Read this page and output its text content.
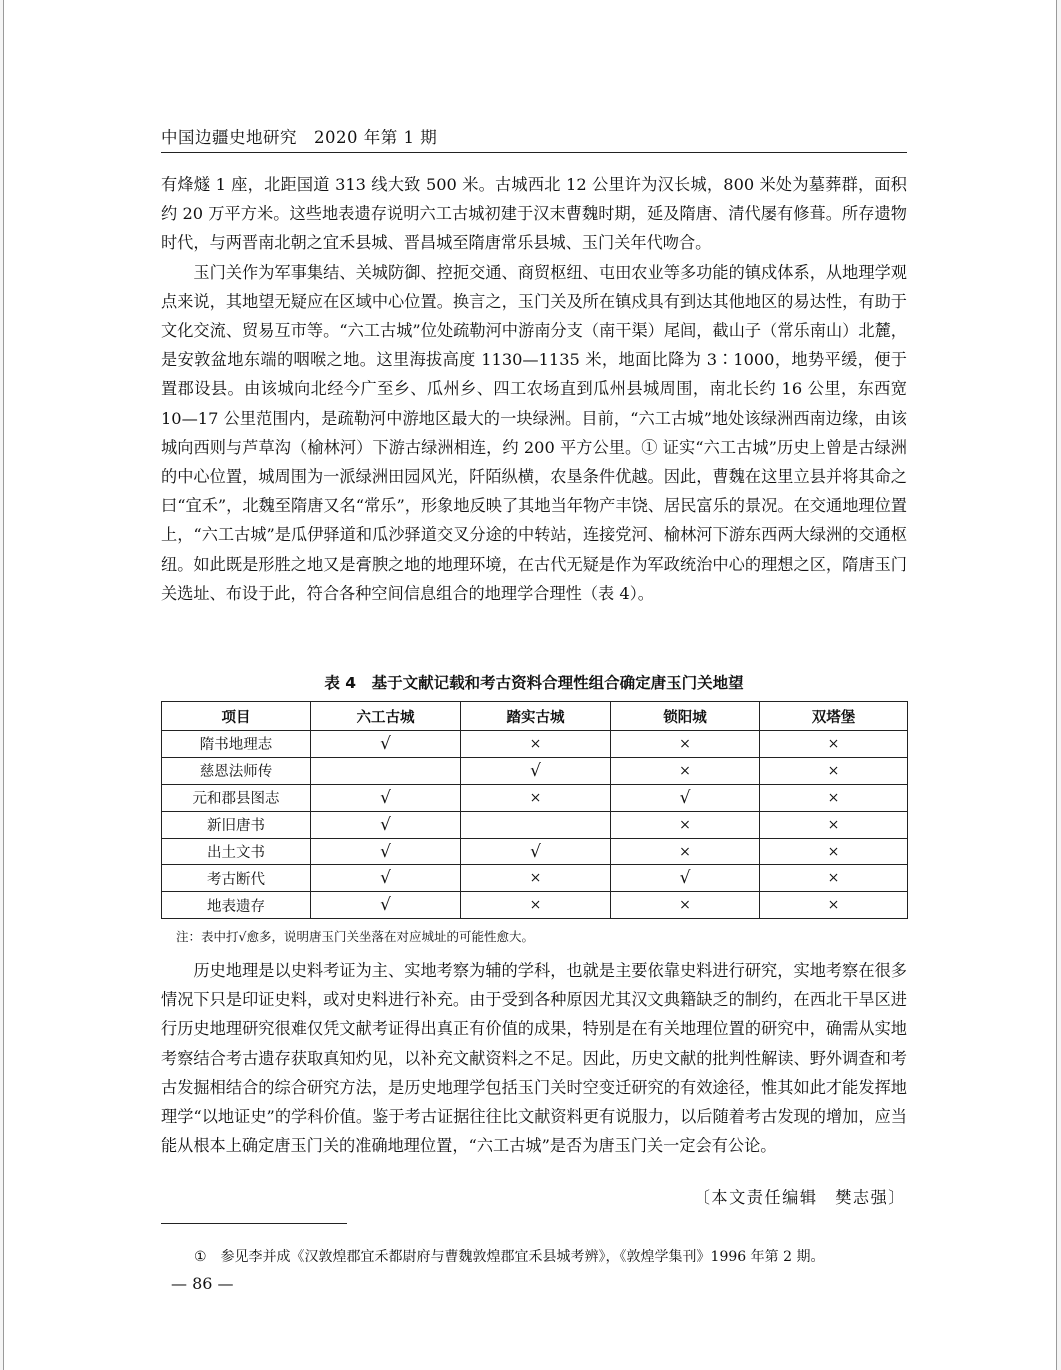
中国边疆史地研究　2020 年第 1 期

有烽燧 1 座，北距国道 313 线大致 500 米。古城西北 12 公里许为汉长城，800 米处为墓葬群，面积约 20 万平方米。这些地表遗存说明六工古城初建于汉末曹魏时期，延及隋唐、清代屡有修葺。所存遗物时代，与两晋南北朝之宜禾县城、晋昌城至隋唐常乐县城、玉门关年代吻合。

玉门关作为军事集结、关城防御、控扼交通、商贸枢纽、屯田农业等多功能的镇戍体系，从地理学观点来说，其地望无疑应在区域中心位置。换言之，玉门关及所在镇戍具有到达其他地区的易达性，有助于文化交流、贸易互市等。“六工古城”位处疏勒河中游南分支（南干渠）尾闾，截山子（常乐南山）北麓，是安敦盆地东端的咽喉之地。这里海拔高度 1130—1135 米，地面比降为 3∶1000，地势平缓，便于置郡设县。由该城向北经今广至乡、瓜州乡、四工农场直到瓜州县城周围，南北长约 16 公里，东西宽 10—17 公里范围内，是疏勒河中游地区最大的一块绿洲。目前，“六工古城”地处该绿洲西南边缘，由该城向西则与芦草沟（榆林河）下游古绿洲相连，约 200 平方公里。① 证实“六工古城”历史上曾是古绿洲的中心位置，城周围为一派绿洲田园风光，阡陌纵横，农垦条件优越。因此，曹魏在这里立县并将其命之曰“宜禾”，北魏至隋唐又名“常乐”，形象地反映了其地当年物产丰饶、居民富乐的景况。在交通地理位置上，“六工古城”是瓜伊驿道和瓜沙驿道交叉分途的中转站，连接党河、榆林河下游东西两大绿洲的交通枢纽。如此既是形胜之地又是膏腴之地的地理环境，在古代无疑是作为军政统治中心的理想之区，隋唐玉门关选址、布设于此，符合各种空间信息组合的地理学合理性（表 4）。

表 4　基于文献记载和考古资料合理性组合确定唐玉门关地望
项目	六工古城	踏实古城	锁阳城	双塔堡
隋书地理志	√	×	×	×
慈恩法师传		√	×	×
元和郡县图志	√	×	√	×
新旧唐书	√		×	×
出土文书	√	√	×	×
考古断代	√	×	√	×
地表遗存	√	×	×	×
注：表中打√愈多，说明唐玉门关坐落在对应城址的可能性愈大。

历史地理是以史料考证为主、实地考察为辅的学科，也就是主要依靠史料进行研究，实地考察在很多情况下只是印证史料，或对史料进行补充。由于受到各种原因尤其汉文典籍缺乏的制约，在西北干旱区进行历史地理研究很难仅凭文献考证得出真正有价值的成果，特别是在有关地理位置的研究中，确需从实地考察结合考古遗存获取真知灼见，以补充文献资料之不足。因此，历史文献的批判性解读、野外调查和考古发掘相结合的综合研究方法，是历史地理学包括玉门关时空变迁研究的有效途径，惟其如此才能发挥地理学“以地证史”的学科价值。鉴于考古证据往往比文献资料更有说服力，以后随着考古发现的增加，应当能从根本上确定唐玉门关的准确地理位置，“六工古城”是否为唐玉门关一定会有公论。

〔本文责任编辑　樊志强〕
① 参见李并成《汉敦煌郡宜禾都尉府与曹魏敦煌郡宜禾县城考辨》，《敦煌学集刊》1996 年第 2 期。
— 86 —
